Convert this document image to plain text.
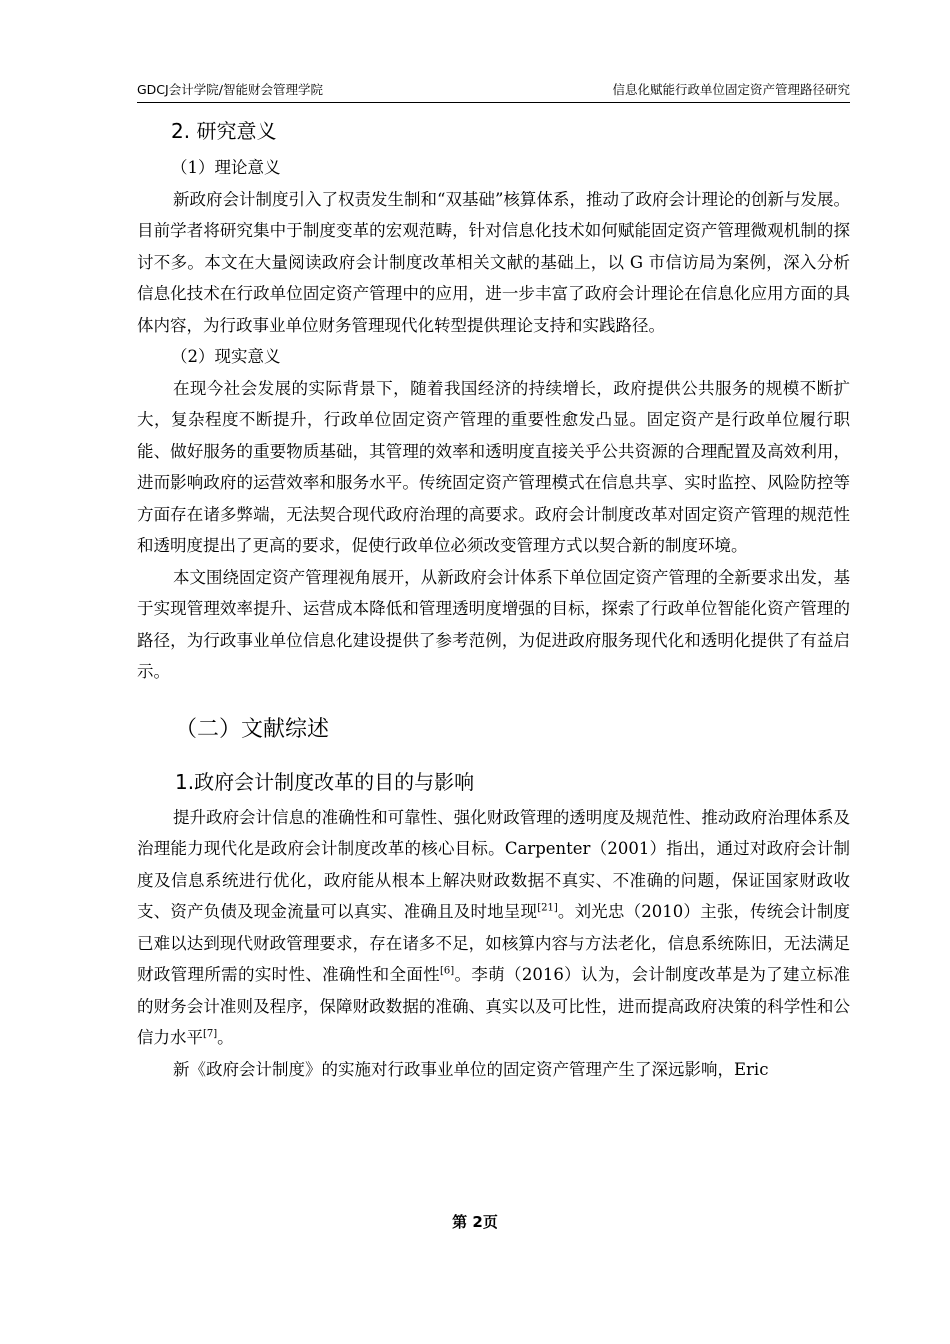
GDCJ会计学院/智能财会管理学院	信息化赋能行政单位固定资产管理路径研究
2. 研究意义
（1）理论意义

新政府会计制度引入了权责发生制和“双基础”核算体系，推动了政府会计理论的创新与发展。目前学者将研究集中于制度变革的宏观范畴，针对信息化技术如何赋能固定资产管理微观机制的探讨不多。本文在大量阅读政府会计制度改革相关文献的基础上，以 G 市信访局为案例，深入分析信息化技术在行政单位固定资产管理中的应用，进一步丰富了政府会计理论在信息化应用方面的具体内容，为行政事业单位财务管理现代化转型提供理论支持和实践路径。

（2）现实意义

在现今社会发展的实际背景下，随着我国经济的持续增长，政府提供公共服务的规模不断扩大，复杂程度不断提升，行政单位固定资产管理的重要性愈发凸显。固定资产是行政单位履行职能、做好服务的重要物质基础，其管理的效率和透明度直接关乎公共资源的合理配置及高效利用，进而影响政府的运营效率和服务水平。传统固定资产管理模式在信息共享、实时监控、风险防控等方面存在诸多弊端，无法契合现代政府治理的高要求。政府会计制度改革对固定资产管理的规范性和透明度提出了更高的要求，促使行政单位必须改变管理方式以契合新的制度环境。

本文围绕固定资产管理视角展开，从新政府会计体系下单位固定资产管理的全新要求出发，基于实现管理效率提升、运营成本降低和管理透明度增强的目标，探索了行政单位智能化资产管理的路径，为行政事业单位信息化建设提供了参考范例，为促进政府服务现代化和透明化提供了有益启示。

（二）文献综述
1.政府会计制度改革的目的与影响

提升政府会计信息的准确性和可靠性、强化财政管理的透明度及规范性、推动政府治理体系及治理能力现代化是政府会计制度改革的核心目标。Carpenter（2001）指出，通过对政府会计制度及信息系统进行优化，政府能从根本上解决财政数据不真实、不准确的问题，保证国家财政收支、资产负债及现金流量可以真实、准确且及时地呈现[21]。刘光忠（2010）主张，传统会计制度已难以达到现代财政管理要求，存在诸多不足，如核算内容与方法老化，信息系统陈旧，无法满足财政管理所需的实时性、准确性和全面性[6]。李萌（2016）认为，会计制度改革是为了建立标准的财务会计准则及程序，保障财政数据的准确、真实以及可比性，进而提高政府决策的科学性和公信力水平[7]。

新《政府会计制度》的实施对行政事业单位的固定资产管理产生了深远影响，Eric

第 2页
